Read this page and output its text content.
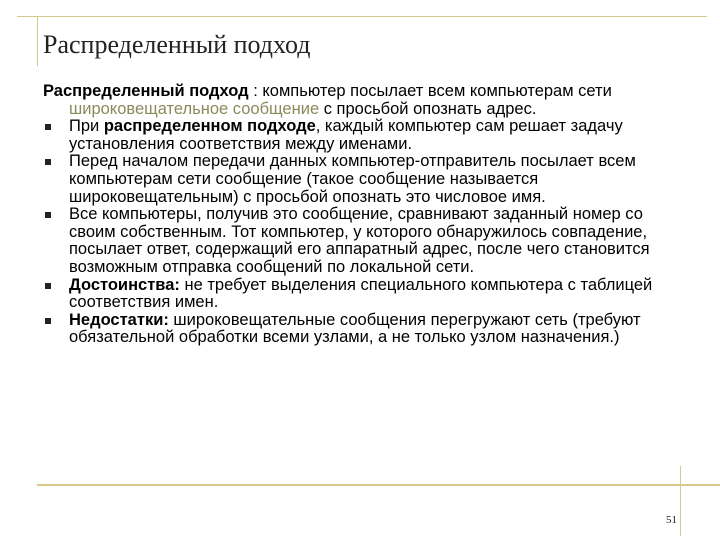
Распределенный подход

Распределенный подход : компьютер посылает всем компьютерам сети широковещательное сообщение с просьбой опознать адрес.

При распределенном подходе, каждый компьютер сам решает задачу установления соответствия между именами.
Перед началом передачи данных компьютер-отправитель посылает всем компьютерам сети сообщение (такое сообщение называется широковещательным) с просьбой опознать это числовое имя.
Все компьютеры, получив это сообщение, сравнивают заданный номер со своим собственным. Тот компьютер, у которого обнаружилось совпадение, посылает ответ, содержащий его аппаратный адрес, после чего становится возможным отправка сообщений по локальной сети.
Достоинства: не требует выделения специального компьютера с таблицей соответствия имен.
Недостатки: широковещательные сообщения перегружают сеть (требуют обязательной обработки всеми узлами, а не только узлом назначения.)
51
